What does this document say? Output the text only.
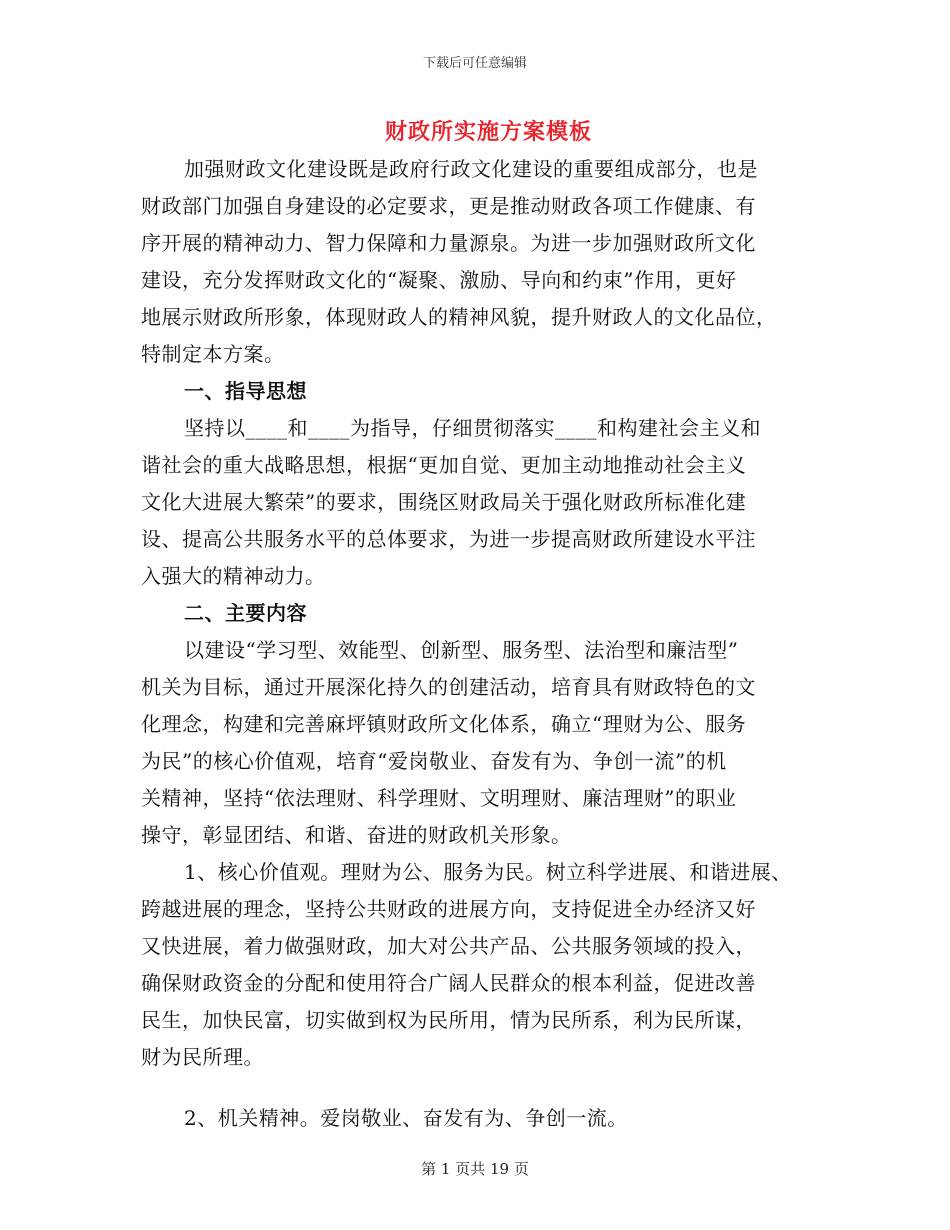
下载后可任意编辑
财政所实施方案模板
加强财政文化建设既是政府行政文化建设的重要组成部分，也是
财政部门加强自身建设的必定要求，更是推动财政各项工作健康、有
序开展的精神动力、智力保障和力量源泉。为进一步加强财政所文化
建设，充分发挥财政文化的“凝聚、激励、导向和约束”作用，更好
地展示财政所形象，体现财政人的精神风貌，提升财政人的文化品位，
特制定本方案。
一、指导思想
坚持以____和____为指导，仔细贯彻落实____和构建社会主义和
谐社会的重大战略思想，根据“更加自觉、更加主动地推动社会主义
文化大进展大繁荣”的要求，围绕区财政局关于强化财政所标准化建
设、提高公共服务水平的总体要求，为进一步提高财政所建设水平注
入强大的精神动力。
二、主要内容
以建设“学习型、效能型、创新型、服务型、法治型和廉洁型”
机关为目标，通过开展深化持久的创建活动，培育具有财政特色的文
化理念，构建和完善麻坪镇财政所文化体系，确立“理财为公、服务
为民”的核心价值观，培育“爱岗敬业、奋发有为、争创一流”的机
关精神，坚持“依法理财、科学理财、文明理财、廉洁理财”的职业
操守，彰显团结、和谐、奋进的财政机关形象。
1、核心价值观。理财为公、服务为民。树立科学进展、和谐进展、
跨越进展的理念，坚持公共财政的进展方向，支持促进全办经济又好
又快进展，着力做强财政，加大对公共产品、公共服务领域的投入，
确保财政资金的分配和使用符合广阔人民群众的根本利益，促进改善
民生，加快民富，切实做到权为民所用，情为民所系，利为民所谋，
财为民所理。
2、机关精神。爱岗敬业、奋发有为、争创一流。
第 1 页共 19 页
